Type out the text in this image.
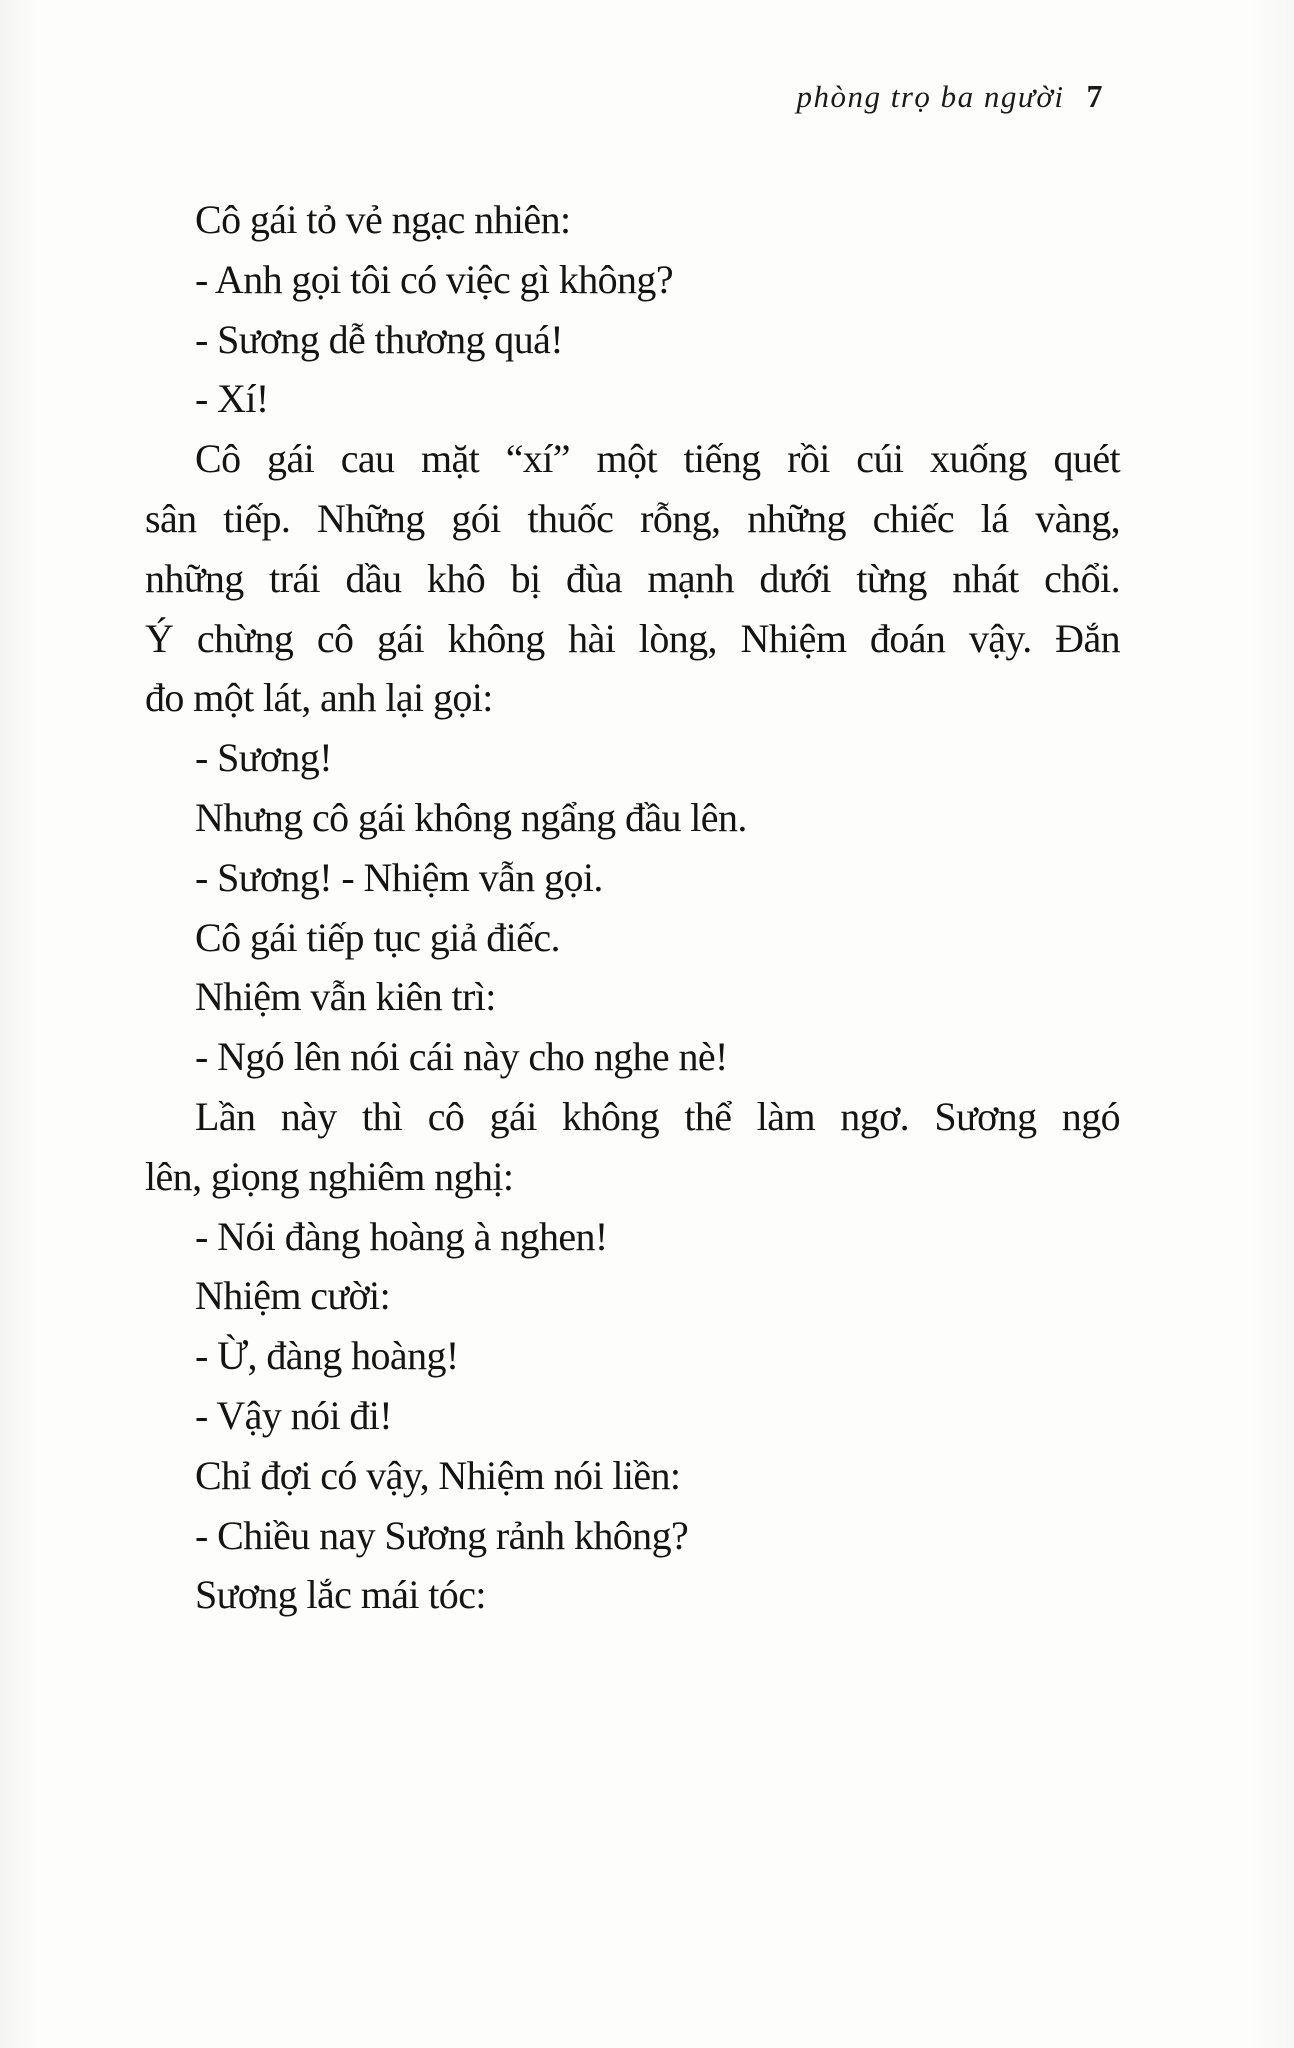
phòng trọ ba người 7
Cô gái tỏ vẻ ngạc nhiên:
- Anh gọi tôi có việc gì không?
- Sương dễ thương quá!
- Xí!
Cô gái cau mặt “xí” một tiếng rồi cúi xuống quét
sân tiếp. Những gói thuốc rỗng, những chiếc lá vàng,
những trái dầu khô bị đùa mạnh dưới từng nhát chổi.
Ý chừng cô gái không hài lòng, Nhiệm đoán vậy. Đắn
đo một lát, anh lại gọi:
- Sương!
Nhưng cô gái không ngẩng đầu lên.
- Sương! - Nhiệm vẫn gọi.
Cô gái tiếp tục giả điếc.
Nhiệm vẫn kiên trì:
- Ngó lên nói cái này cho nghe nè!
Lần này thì cô gái không thể làm ngơ. Sương ngó
lên, giọng nghiêm nghị:
- Nói đàng hoàng à nghen!
Nhiệm cười:
- Ừ, đàng hoàng!
- Vậy nói đi!
Chỉ đợi có vậy, Nhiệm nói liền:
- Chiều nay Sương rảnh không?
Sương lắc mái tóc:
